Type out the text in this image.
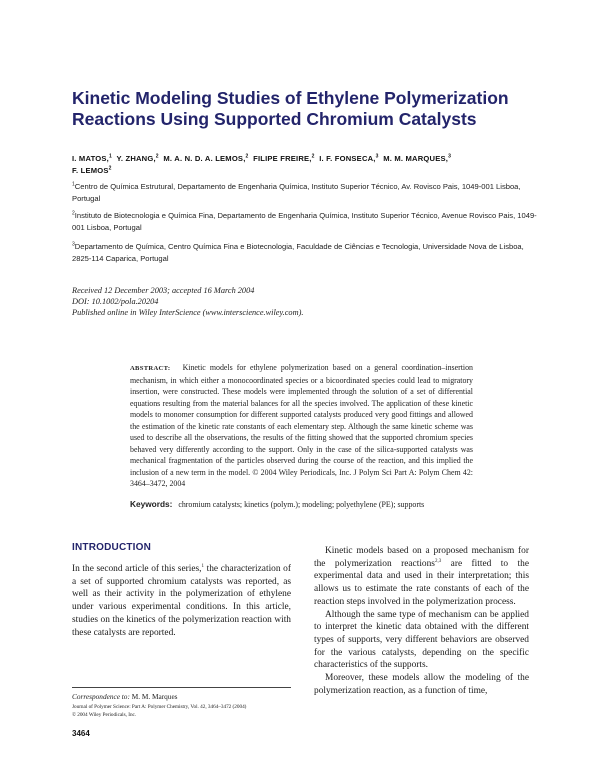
Kinetic Modeling Studies of Ethylene Polymerization Reactions Using Supported Chromium Catalysts
I. MATOS,$^1$ Y. ZHANG,$^2$ M. A. N. D. A. LEMOS,$^2$ FILIPE FREIRE,$^2$ I. F. FONSECA,$^3$ M. M. MARQUES,$^3$
F. LEMOS$^2$
$^1$Centro de Química Estrutural, Departamento de Engenharia Química, Instituto Superior Técnico, Av. Rovisco Pais, 1049-001 Lisboa, Portugal
$^2$Instituto de Biotecnologia e Química Fina, Departamento de Engenharia Química, Instituto Superior Técnico, Avenue Rovisco Pais, 1049-001 Lisboa, Portugal
$^3$Departamento de Química, Centro Química Fina e Biotecnologia, Faculdade de Ciências e Tecnologia, Universidade Nova de Lisboa, 2825-114 Caparica, Portugal
Received 12 December 2003; accepted 16 March 2004
DOI: 10.1002/pola.20204
Published online in Wiley InterScience (www.interscience.wiley.com).
ABSTRACT: Kinetic models for ethylene polymerization based on a general coordination–insertion mechanism, in which either a monocoordinated species or a bicoordinated species could lead to migratory insertion, were constructed. These models were implemented through the solution of a set of differential equations resulting from the material balances for all the species involved. The application of these kinetic models to monomer consumption for different supported catalysts produced very good fittings and allowed the estimation of the kinetic rate constants of each elementary step. Although the same kinetic scheme was used to describe all the observations, the results of the fitting showed that the supported chromium species behaved very differently according to the support. Only in the case of the silica-supported catalysts was mechanical fragmentation of the particles observed during the course of the reaction, and this implied the inclusion of a new term in the model. © 2004 Wiley Periodicals, Inc. J Polym Sci Part A: Polym Chem 42: 3464–3472, 2004
Keywords: chromium catalysts; kinetics (polym.); modeling; polyethylene (PE); supports
INTRODUCTION

In the second article of this series,$^1$ the characterization of a set of supported chromium catalysts was reported, as well as their activity in the polymerization of ethylene under various experimental conditions. In this article, studies on the kinetics of the polymerization reaction with these catalysts are reported.

Kinetic models based on a proposed mechanism for the polymerization reactions$^{2,3}$ are fitted to the experimental data and used in their interpretation; this allows us to estimate the rate constants of each of the reaction steps involved in the polymerization process.

Although the same type of mechanism can be applied to interpret the kinetic data obtained with the different types of supports, very different behaviors are observed for the various catalysts, depending on the specific characteristics of the supports.

Moreover, these models allow the modeling of the polymerization reaction, as a function of time,

Correspondence to: M. M. Marques
Journal of Polymer Science: Part A: Polymer Chemistry, Vol. 42, 3464–3472 (2004)
© 2004 Wiley Periodicals, Inc.
3464
